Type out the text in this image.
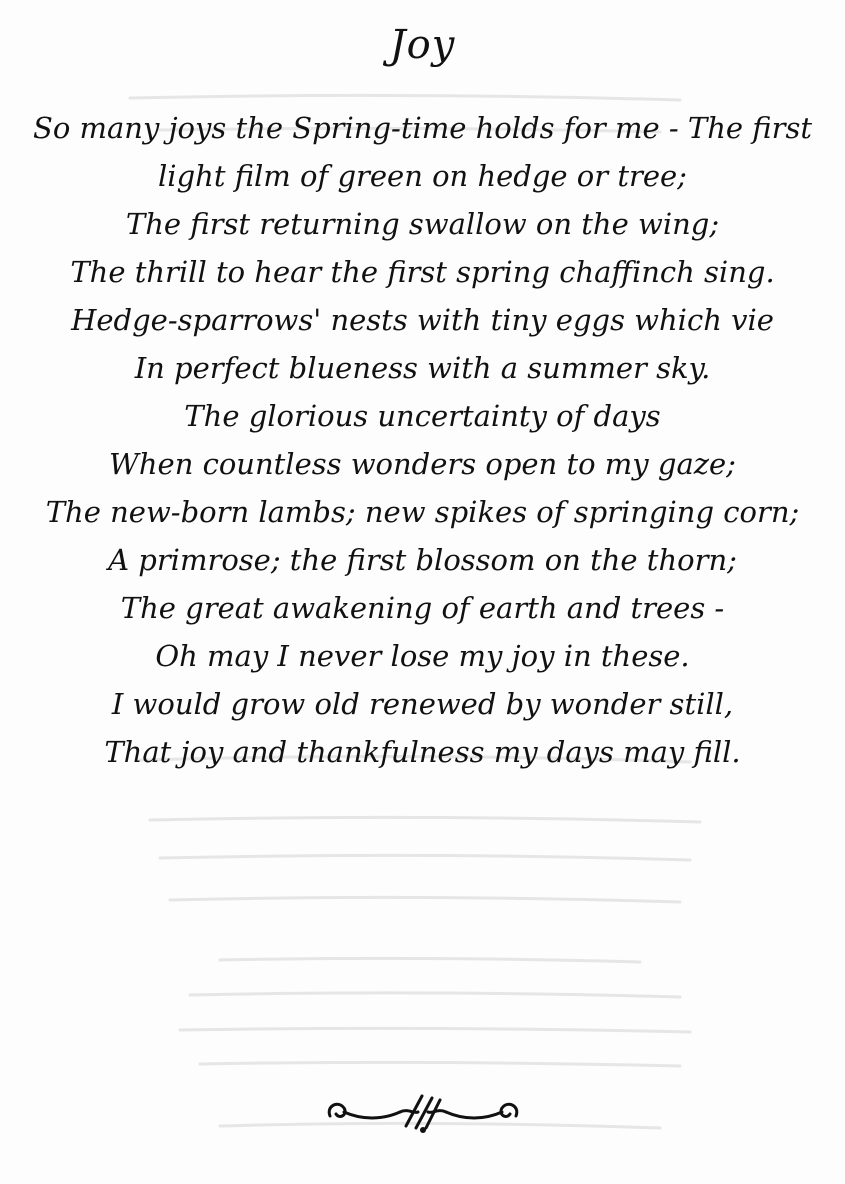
Joy
So many joys the Spring-time holds for me - The first
light film of green on hedge or tree;
The first returning swallow on the wing;
The thrill to hear the first spring chaffinch sing.
Hedge-sparrows' nests with tiny eggs which vie
In perfect blueness with a summer sky.
The glorious uncertainty of days
When countless wonders open to my gaze;
The new-born lambs; new spikes of springing corn;
A primrose; the first blossom on the thorn;
The great awakening of earth and trees -
Oh may I never lose my joy in these.
I would grow old renewed by wonder still,
That joy and thankfulness my days may fill.
